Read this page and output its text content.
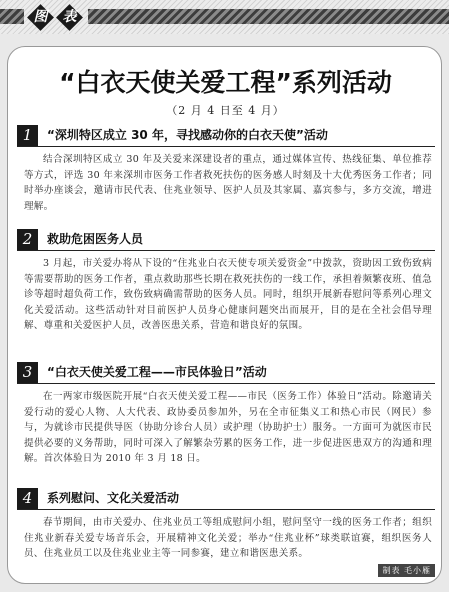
图	表
“白衣天使关爱工程”系列活动
（2 月 4 日至 4 月）
1	“深圳特区成立 30 年，寻找感动你的白衣天使”活动
结合深圳特区成立 30 年及关爱来深建设者的重点，通过媒体宣传、热线征集、单位推荐等方式，评选 30 年来深圳市医务工作者救死扶伤的医务感人时刻及十大优秀医务工作者；同时举办座谈会，邀请市民代表、住兆业领导、医护人员及其家属、嘉宾参与，多方交流，增进理解。
2	救助危困医务人员
3 月起，市关爱办将从下设的“住兆业白衣天使专项关爱资金”中拨款，资助因工致伤致病等需要帮助的医务工作者，重点救助那些长期在救死扶伤的一线工作，承担着频繁夜班、值急诊等超时超负荷工作，致伤致病确需帮助的医务人员。同时，组织开展新春慰问等系列心理文化关爱活动。这些活动针对目前医护人员身心健康问题突出而展开，目的是在全社会倡导理解、尊重和关爱医护人员，改善医患关系，营造和谐良好的氛围。
3	“白衣天使关爱工程——市民体验日”活动
在一两家市级医院开展“白衣天使关爱工程——市民（医务工作）体验日”活动。除邀请关爱行动的爱心人物、人大代表、政协委员参加外，另在全市征集义工和热心市民（网民）参与，为就诊市民提供导医（协助分诊台人员）或护理（协助护士）服务。一方面可为就医市民提供必要的义务帮助，同时可深入了解繁杂劳累的医务工作，进一步促进医患双方的沟通和理解。首次体验日为 2010 年 3 月 18 日。
4	系列慰问、文化关爱活动
春节期间，由市关爱办、住兆业员工等组成慰问小组，慰问坚守一线的医务工作者；组织住兆业新春关爱专场音乐会，开展精神文化关爱；举办“住兆业杯”球类联谊赛，组织医务人员、住兆业员工以及住兆业业主等一同参赛，建立和谐医患关系。
制表 毛小雁
